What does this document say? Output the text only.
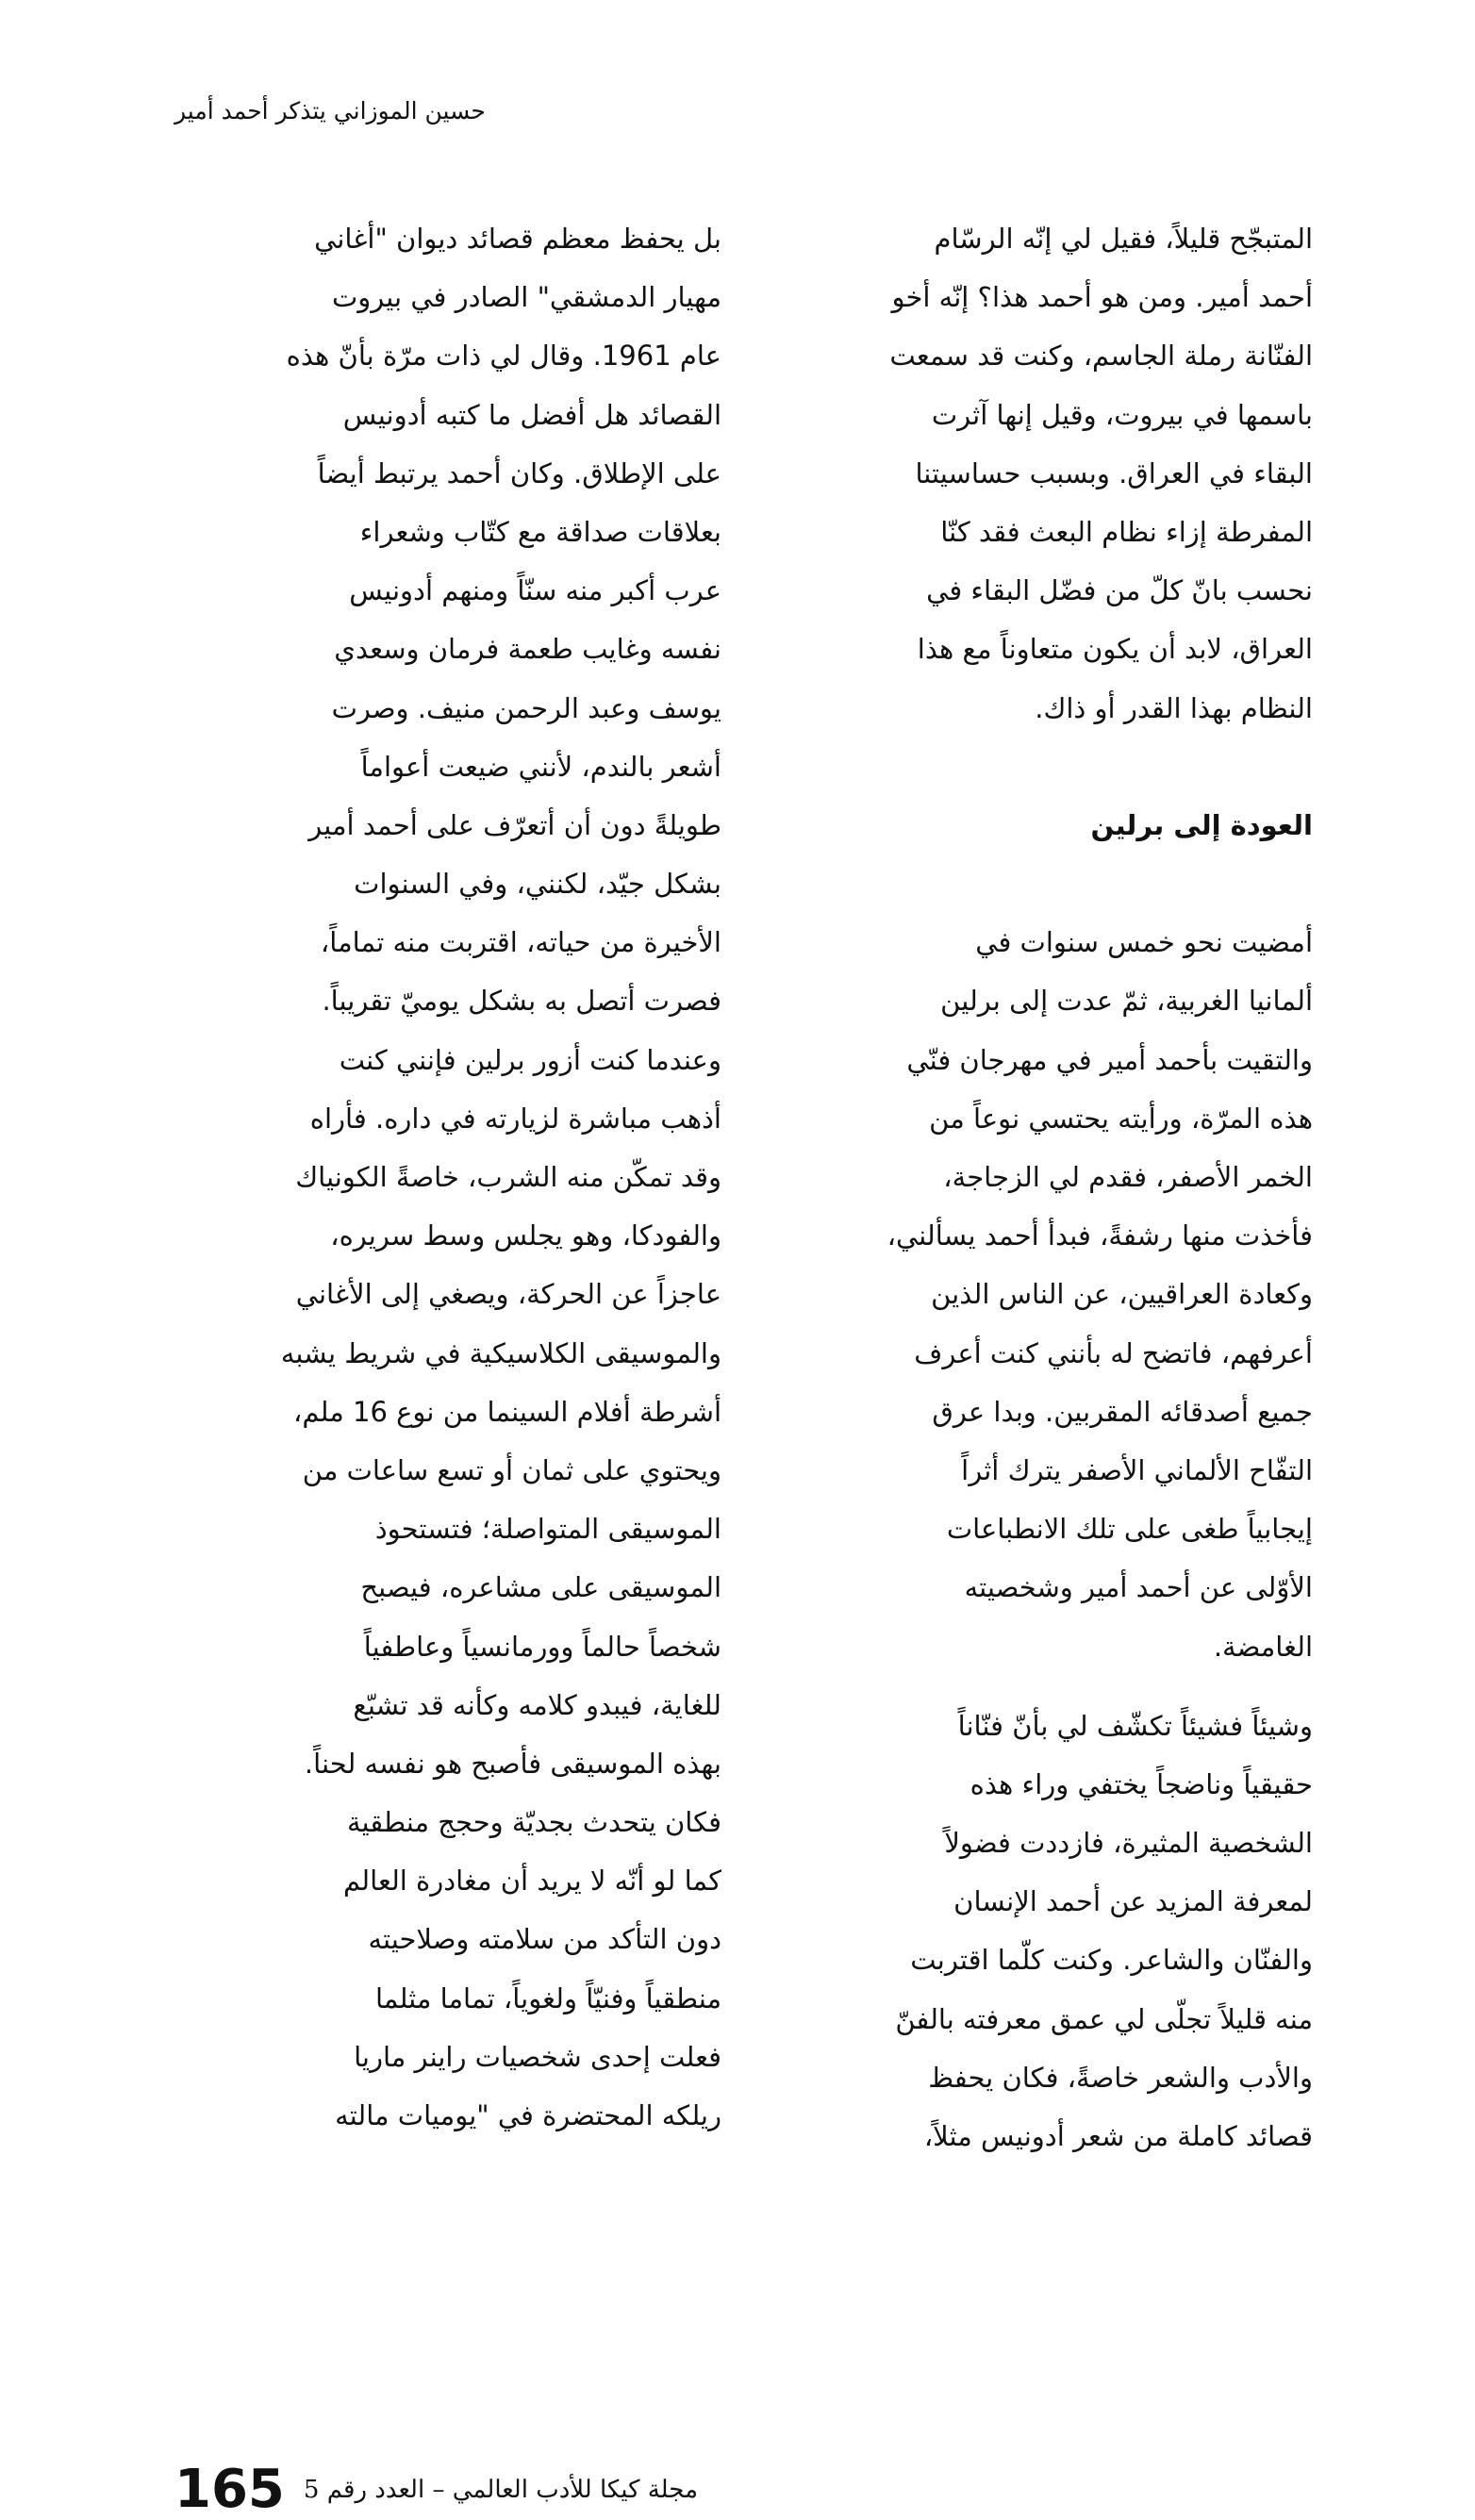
حسين الموزاني يتذكر أحمد أمير
المتبجّح قليلاً، فقيل لي إنّه الرسّام
أحمد أمير. ومن هو أحمد هذا؟ إنّه أخو
الفنّانة رملة الجاسم، وكنت قد سمعت
باسمها في بيروت، وقيل إنها آثرت
البقاء في العراق. وبسبب حساسيتنا
المفرطة إزاء نظام البعث فقد كنّا
نحسب بانّ كلّ من فضّل البقاء في
العراق، لابد أن يكون متعاوناً مع هذا
النظام بهذا القدر أو ذاك.
العودة إلى برلين
أمضيت نحو خمس سنوات في
ألمانيا الغربية، ثمّ عدت إلى برلين
والتقيت بأحمد أمير في مهرجان فنّي
هذه المرّة، ورأيته يحتسي نوعاً من
الخمر الأصفر، فقدم لي الزجاجة،
فأخذت منها رشفةً، فبدأ أحمد يسألني،
وكعادة العراقيين، عن الناس الذين
أعرفهم، فاتضح له بأنني كنت أعرف
جميع أصدقائه المقربين. وبدا عرق
التفّاح الألماني الأصفر يترك أثراً
إيجابياً طغى على تلك الانطباعات
الأوّلى عن أحمد أمير وشخصيته
الغامضة.
وشيئاً فشيئاً تكشّف لي بأنّ فنّاناً
حقيقياً وناضجاً يختفي وراء هذه
الشخصية المثيرة، فازددت فضولاً
لمعرفة المزيد عن أحمد الإنسان
والفنّان والشاعر. وكنت كلّما اقتربت
منه قليلاً تجلّى لي عمق معرفته بالفنّ
والأدب والشعر خاصةً، فكان يحفظ
قصائد كاملة من شعر أدونيس مثلاً،
بل يحفظ معظم قصائد ديوان "أغاني
مهيار الدمشقي" الصادر في بيروت
عام 1961. وقال لي ذات مرّة بأنّ هذه
القصائد هل أفضل ما كتبه أدونيس
على الإطلاق. وكان أحمد يرتبط أيضاً
بعلاقات صداقة مع كتّاب وشعراء
عرب أكبر منه سنّاً ومنهم أدونيس
نفسه وغايب طعمة فرمان وسعدي
يوسف وعبد الرحمن منيف. وصرت
أشعر بالندم، لأنني ضيعت أعواماً
طويلةً دون أن أتعرّف على أحمد أمير
بشكل جيّد، لكنني، وفي السنوات
الأخيرة من حياته، اقتربت منه تماماً،
فصرت أتصل به بشكل يوميّ تقريباً.
وعندما كنت أزور برلين فإنني كنت
أذهب مباشرة لزيارته في داره. فأراه
وقد تمكّن منه الشرب، خاصةً الكونياك
والفودكا، وهو يجلس وسط سريره،
عاجزاً عن الحركة، ويصغي إلى الأغاني
والموسيقى الكلاسيكية في شريط يشبه
أشرطة أفلام السينما من نوع 16 ملم،
ويحتوي على ثمان أو تسع ساعات من
الموسيقى المتواصلة؛ فتستحوذ
الموسيقى على مشاعره، فيصبح
شخصاً حالماً وورمانسياً وعاطفياً
للغاية، فيبدو كلامه وكأنه قد تشبّع
بهذه الموسيقى فأصبح هو نفسه لحناً.
فكان يتحدث بجديّة وحجج منطقية
كما لو أنّه لا يريد أن مغادرة العالم
دون التأكد من سلامته وصلاحيته
منطقياً وفنيّاً ولغوياً، تماما مثلما
فعلت إحدى شخصيات راينر ماريا
ريلكه المحتضرة في "يوميات مالته
مجلة كيكا للأدب العالمي – العدد رقم 5
165
